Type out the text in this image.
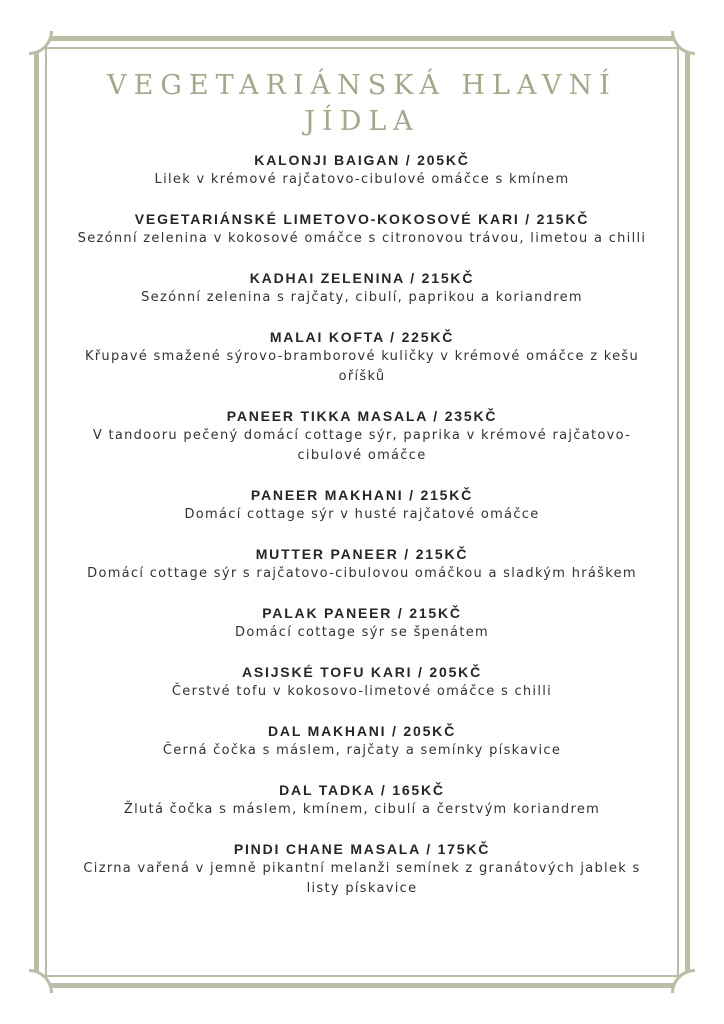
VEGETARIÁNSKÁ HLAVNÍ JÍDLA
KALONJI BAIGAN / 205KČ
Lilek v krémové rajčatovo-cibulové omáčce s kmínem
VEGETARIÁNSKÉ LIMETOVO-KOKOSOVÉ KARI / 215KČ
Sezónní zelenina v kokosové omáčce s citronovou trávou, limetou a chilli
KADHAI ZELENINA / 215KČ
Sezónní zelenina s rajčaty, cibulí, paprikou a koriandrem
MALAI KOFTA / 225KČ
Křupavé smažené sýrovo-bramborové kuličky v krémové omáčce z kešu oříšků
PANEER TIKKA MASALA / 235KČ
V tandooru pečený domácí cottage sýr, paprika v krémové rajčatovo-cibulové omáčce
PANEER MAKHANI / 215KČ
Domácí cottage sýr v husté rajčatové omáčce
MUTTER PANEER / 215KČ
Domácí cottage sýr s rajčatovo-cibulovou omáčkou a sladkým hráškem
PALAK PANEER / 215KČ
Domácí cottage sýr se špenátem
ASIJSKÉ TOFU KARI / 205KČ
Čerstvé tofu v kokosovo-limetové omáčce s chilli
DAL MAKHANI / 205KČ
Černá čočka s máslem, rajčaty a semínky pískavice
DAL TADKA / 165KČ
Žlutá čočka s máslem, kmínem, cibulí a čerstvým koriandrem
PINDI CHANE MASALA / 175KČ
Cizrna vařená v jemně pikantní melanži semínek z granátových jablek s listy pískavice
